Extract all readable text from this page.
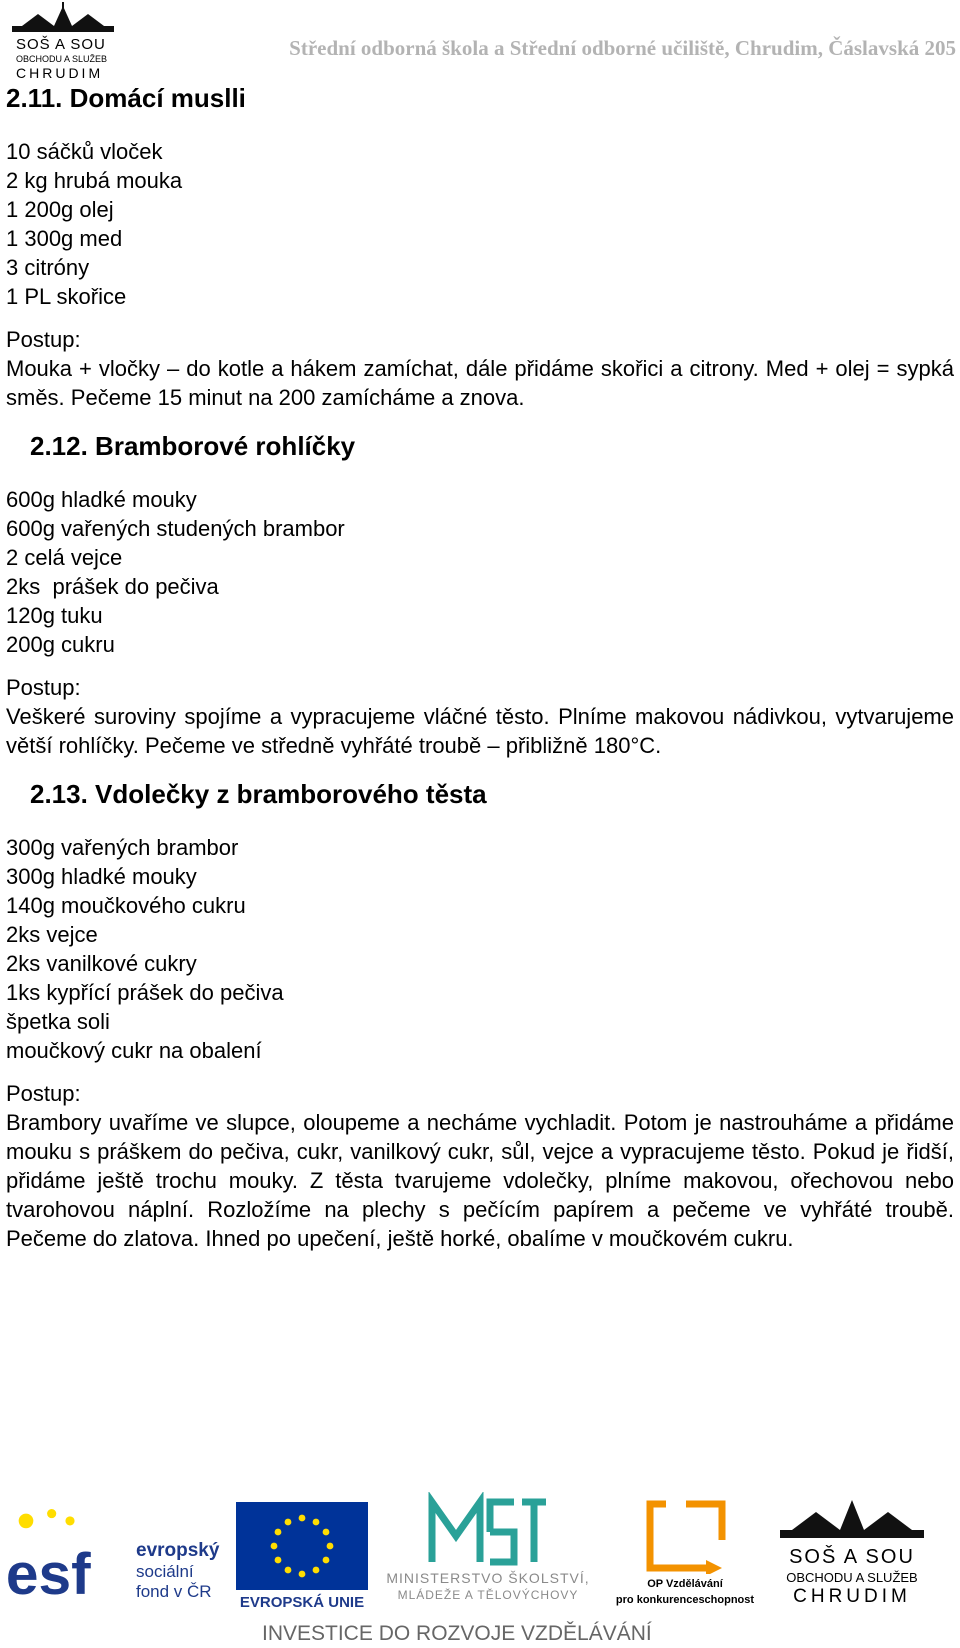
SOŠ A SOU
OBCHODU A SLUŽEB
CHRUDIM
Střední odborná škola a Střední odborné učiliště, Chrudim, Čáslavská 205
2.11. Domácí muslli
10 sáčků vloček
2 kg hrubá mouka
1 200g olej
1 300g med
3 citróny
1 PL skořice
Postup:

Mouka + vločky – do kotle a hákem zamíchat, dále přidáme skořici a citrony. Med + olej = sypká směs. Pečeme 15 minut na 200 zamícháme a znova.

2.12. Bramborové rohlíčky
600g hladké mouky
600g vařených studených brambor
2 celá vejce
2ks  prášek do pečiva
120g tuku
200g cukru
Postup:

Veškeré suroviny spojíme a vypracujeme vláčné těsto. Plníme makovou nádivkou, vytvarujeme větší rohlíčky. Pečeme ve středně vyhřáté troubě – přibližně 180°C.

2.13. Vdolečky z bramborového těsta
300g vařených brambor
300g hladké mouky
140g moučkového cukru
2ks vejce
2ks vanilkové cukry
1ks kypřící prášek do pečiva
špetka soli
moučkový cukr na obalení
Postup:

Brambory uvaříme ve slupce, oloupeme a necháme vychladit. Potom je nastrouháme a přidáme mouku s práškem do pečiva, cukr, vanilkový cukr, sůl, vejce a vypracujeme těsto. Pokud je řidší, přidáme ještě trochu mouky. Z těsta tvarujeme vdolečky, plníme makovou, ořechovou nebo tvarohovou náplní. Rozložíme na plechy s pečícím papírem a pečeme ve vyhřáté troubě. Pečeme do zlatova. Ihned po upečení, ještě horké, obalíme v moučkovém cukru.

esf evropský
sociální
fond v ČR
EVROPSKÁ UNIE
MINISTERSTVO ŠKOLSTVÍ,
MLÁDEŽE A TĚLOVÝCHOVY
OP Vzdělávání
pro konkurenceschopnost
SOŠ A SOU
OBCHODU A SLUŽEB
CHRUDIM
INVESTICE DO ROZVOJE VZDĚLÁVÁNÍ
